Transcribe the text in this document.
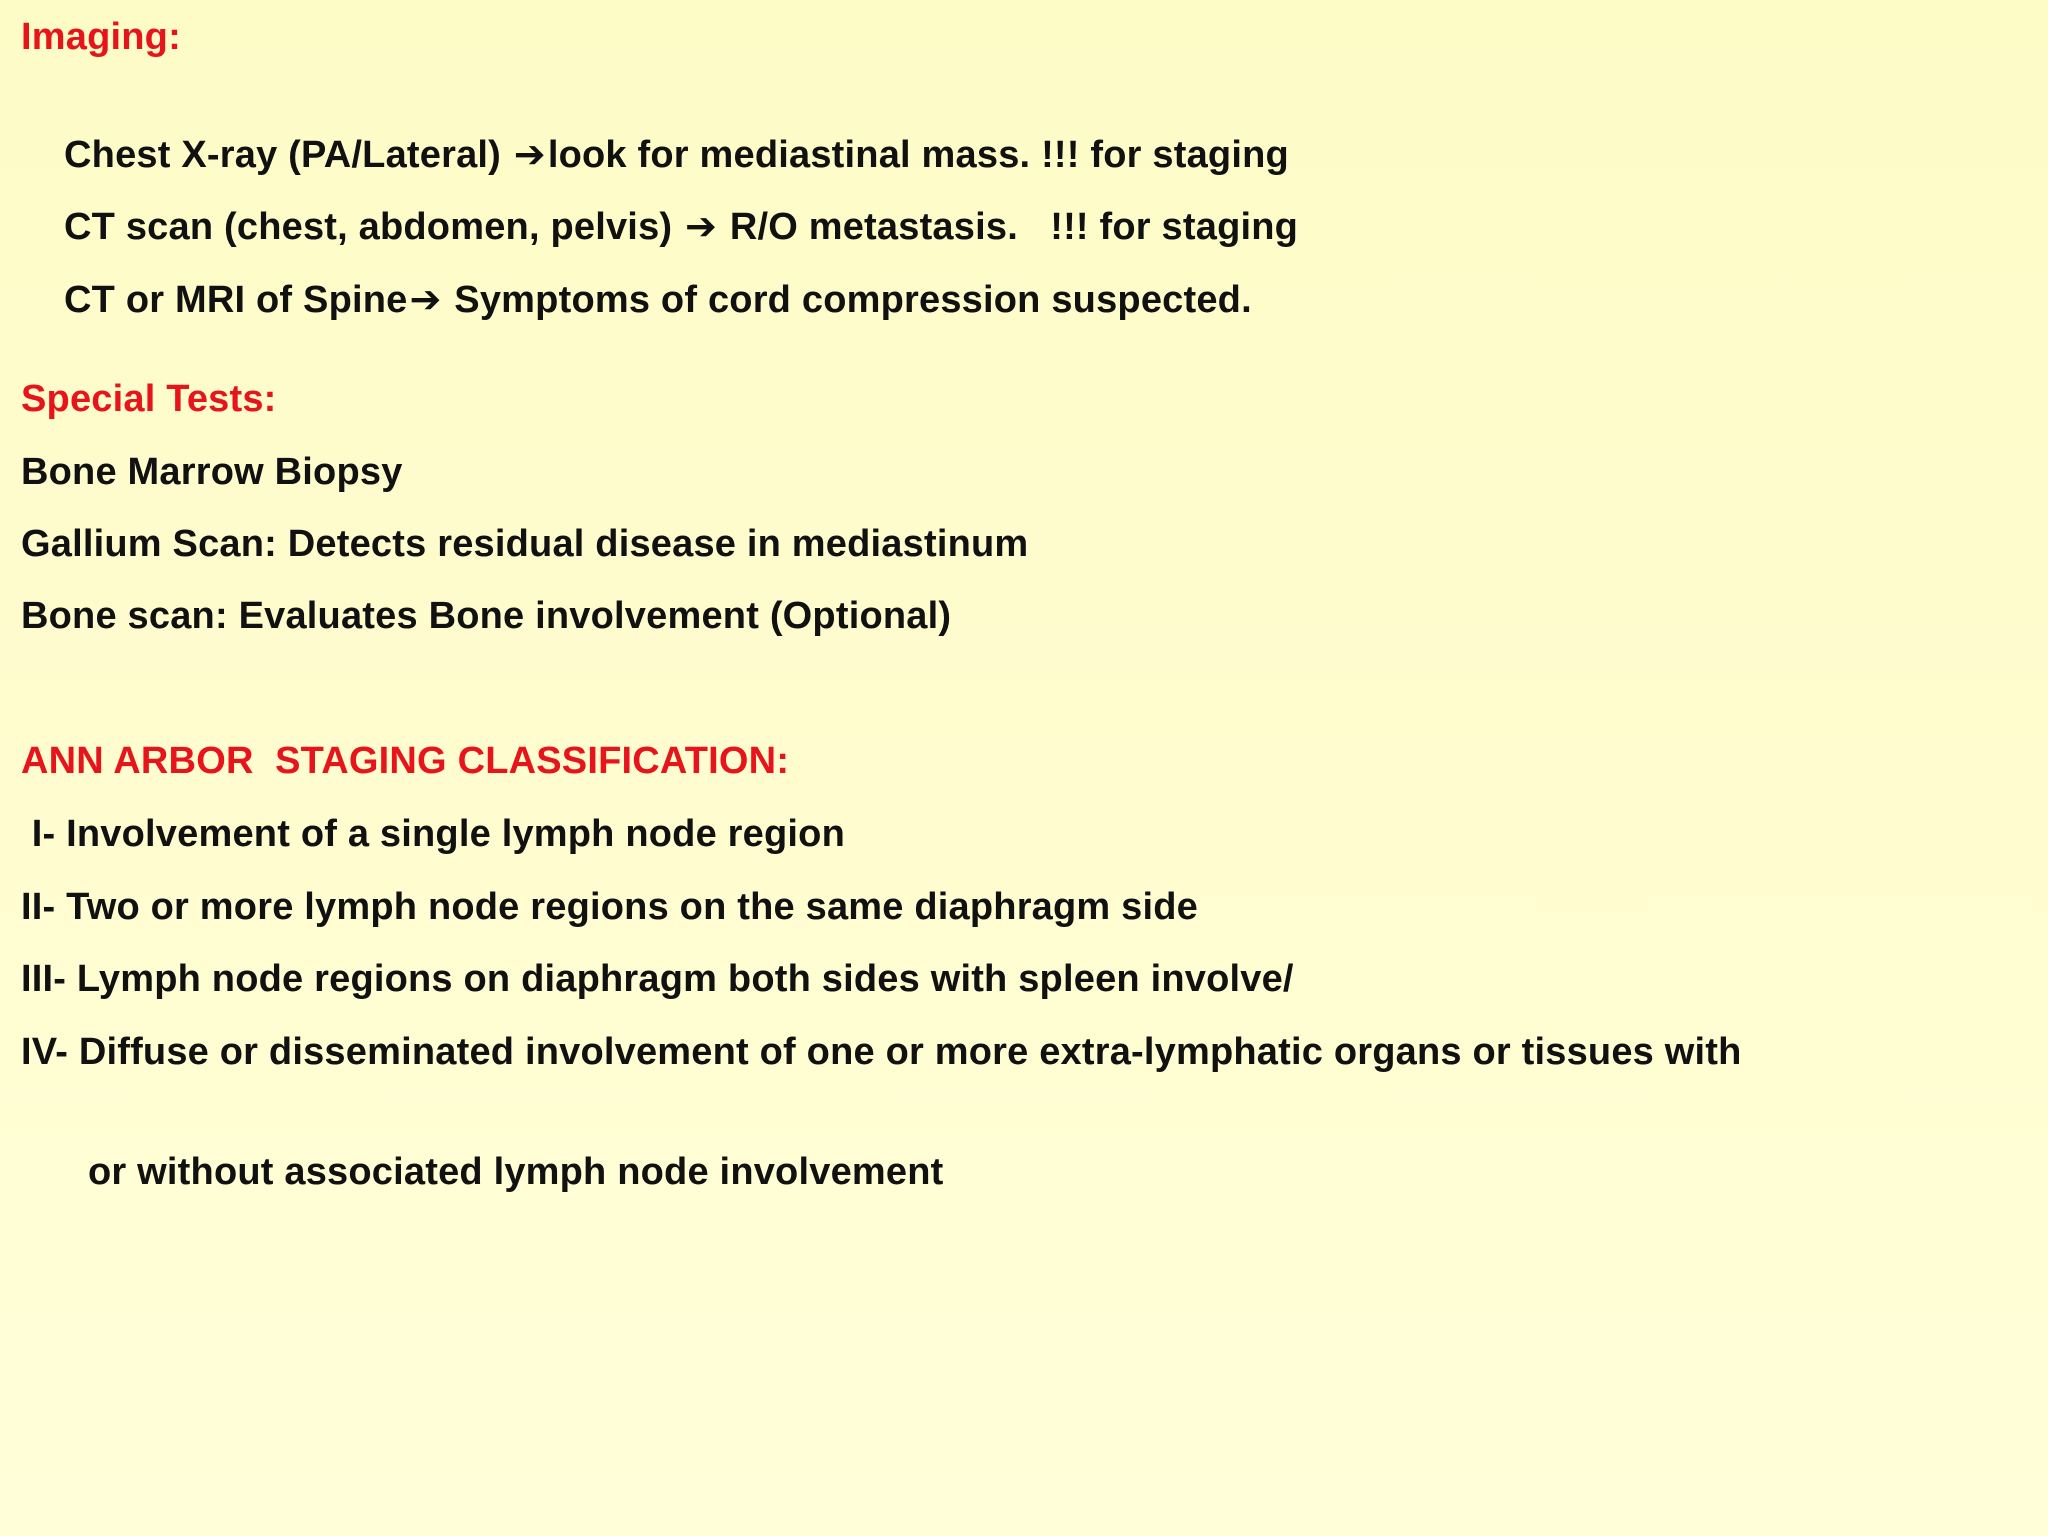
Imaging:

Chest X-ray (PA/Lateral) ➔look for mediastinal mass. !!! for staging

CT scan (chest, abdomen, pelvis) ➔ R/O metastasis.   !!! for staging

CT or MRI of Spine➔ Symptoms of cord compression suspected.

Special Tests:
Bone Marrow Biopsy
Gallium Scan: Detects residual disease in mediastinum
Bone scan: Evaluates Bone involvement (Optional)
ANN ARBOR  STAGING CLASSIFICATION:
I- Involvement of a single lymph node region
II- Two or more lymph node regions on the same diaphragm side
III- Lymph node regions on diaphragm both sides with spleen involve/
IV- Diffuse or disseminated involvement of one or more extra-lymphatic organs or tissues with
or without associated lymph node involvement
